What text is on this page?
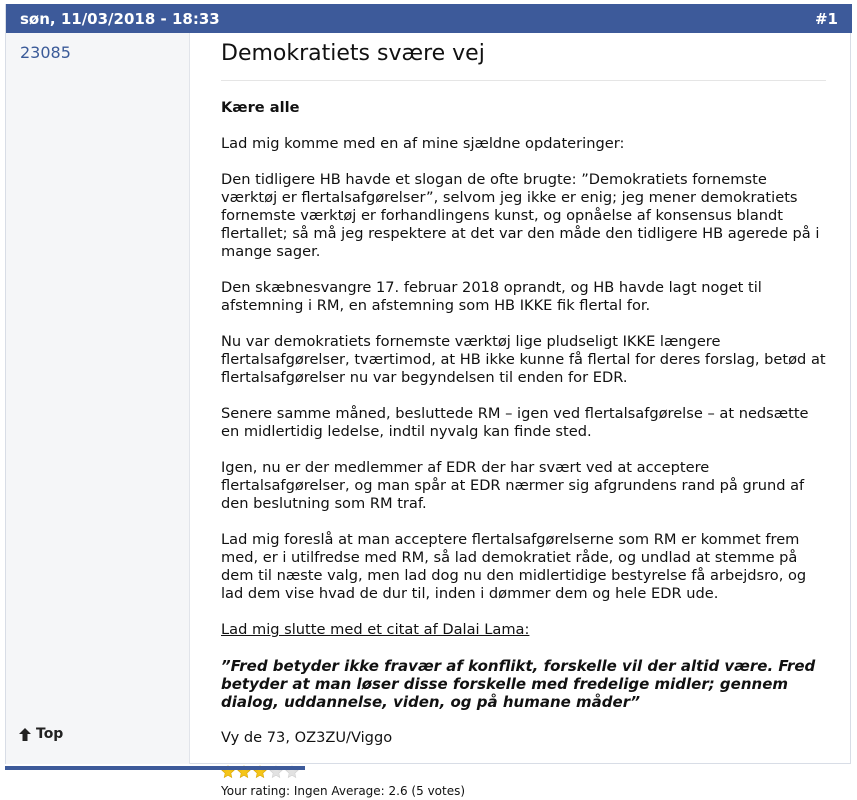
søn, 11/03/2018 - 18:33	#1
23085
Top
Demokratiets svære vej

Kære alle

Lad mig komme med en af mine sjældne opdateringer:

Den tidligere HB havde et slogan de ofte brugte: ”Demokratiets fornemste værktøj er flertalsafgørelser”, selvom jeg ikke er enig; jeg mener demokratiets fornemste værktøj er forhandlingens kunst, og opnåelse af konsensus blandt flertallet; så må jeg respektere at det var den måde den tidligere HB agerede på i mange sager.

Den skæbnesvangre 17. februar 2018 oprandt, og HB havde lagt noget til afstemning i RM, en afstemning som HB IKKE fik flertal for.

Nu var demokratiets fornemste værktøj lige pludseligt IKKE længere flertalsafgørelser, tværtimod, at HB ikke kunne få flertal for deres forslag, betød at flertalsafgørelser nu var begyndelsen til enden for EDR.

Senere samme måned, besluttede RM – igen ved flertalsafgørelse – at nedsætte en midlertidig ledelse, indtil nyvalg kan finde sted.

Igen, nu er der medlemmer af EDR der har svært ved at acceptere flertalsafgørelser, og man spår at EDR nærmer sig afgrundens rand på grund af den beslutning som RM traf.

Lad mig foreslå at man acceptere flertalsafgørelserne som RM er kommet frem med, er i utilfredse med RM, så lad demokratiet råde, og undlad at stemme på dem til næste valg, men lad dog nu den midlertidige bestyrelse få arbejdsro, og lad dem vise hvad de dur til, inden i dømmer dem og hele EDR ude.

Lad mig slutte med et citat af Dalai Lama:

”Fred betyder ikke fravær af konflikt, forskelle vil der altid være. Fred betyder at man løser disse forskelle med fredelige midler; gennem dialog, uddannelse, viden, og på humane måder”

Vy de 73, OZ3ZU/Viggo

Your rating: Ingen Average: 2.6 (5 votes)
